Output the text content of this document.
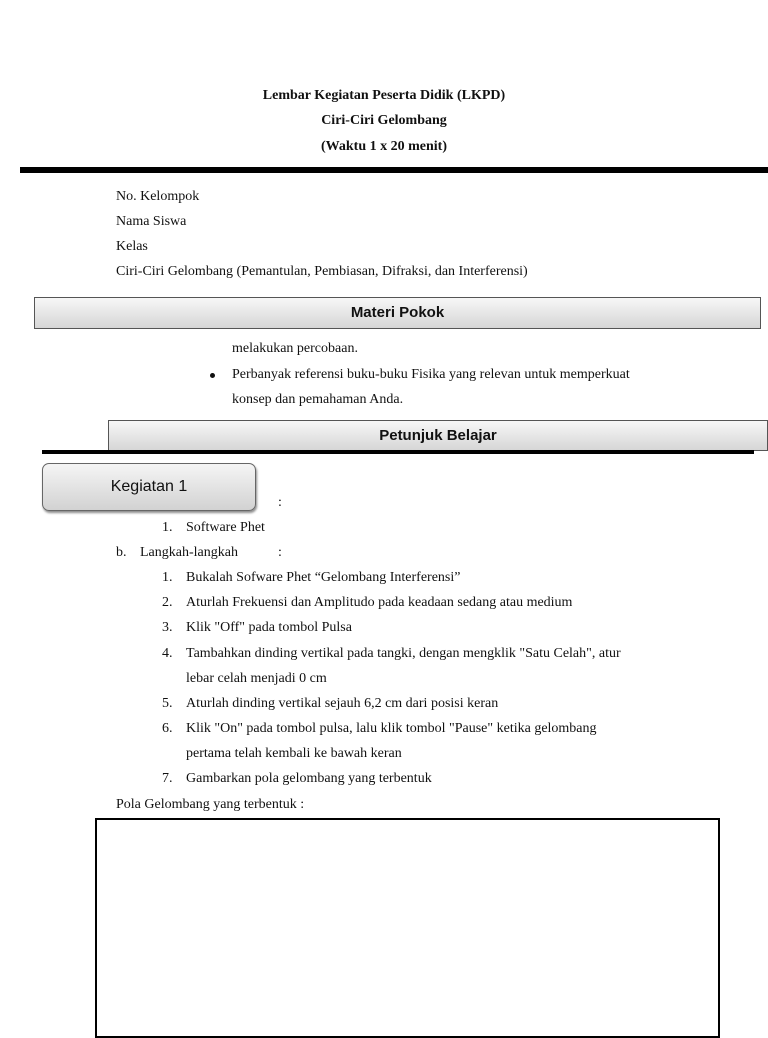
Lembar Kegiatan Peserta Didik (LKPD)
Ciri-Ciri Gelombang
(Waktu 1 x 20 menit)
No. Kelompok
Nama Siswa
Kelas
Ciri-Ciri Gelombang (Pemantulan, Pembiasan, Difraksi, dan Interferensi)
melakukan percobaan.
Perbanyak referensi buku-buku Fisika yang relevan untuk memperkuat
konsep dan pemahaman Anda.
Materi Pokok
Petunjuk Belajar
Kegiatan 1
:
1. Software Phet
b. Langkah-langkah	:
1. Bukalah Sofware Phet “Gelombang Interferensi”
2. Aturlah Frekuensi dan Amplitudo pada keadaan sedang atau medium
3. Klik "Off" pada tombol Pulsa
4. Tambahkan dinding vertikal pada tangki, dengan mengklik "Satu Celah", atur
lebar celah menjadi 0 cm
5. Aturlah dinding vertikal sejauh 6,2 cm dari posisi keran
6. Klik "On" pada tombol pulsa, lalu klik tombol "Pause" ketika gelombang
pertama telah kembali ke bawah keran
7. Gambarkan pola gelombang yang terbentuk
Pola Gelombang yang terbentuk :
